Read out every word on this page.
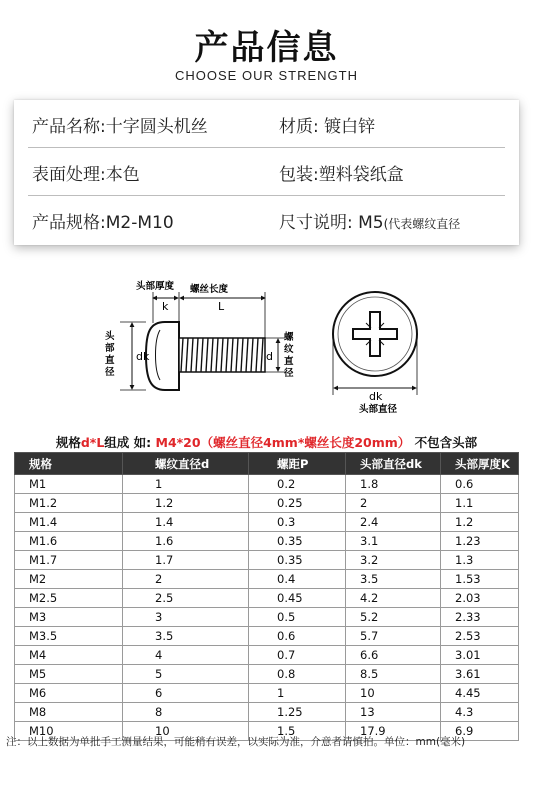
产品信息
CHOOSE OUR STRENGTH
产品名称:十字圆头机丝	材质: 镀白锌
表面处理:本色	包装:塑料袋纸盒
产品规格:M2-M10	尺寸说明: M5(代表螺纹直径
头部厚度 螺丝长度
k	L
头 部 直 径
dk	d
螺 纹 直 径
dk
头部直径
规格d*L组成 如: M4*20（螺丝直径4mm*螺丝长度20mm） 不包含头部
规格	螺纹直径d	螺距P	头部直径dk	头部厚度K
M1	1	0.2	1.8	0.6
M1.2	1.2	0.25	2	1.1
M1.4	1.4	0.3	2.4	1.2
M1.6	1.6	0.35	3.1	1.23
M1.7	1.7	0.35	3.2	1.3
M2	2	0.4	3.5	1.53
M2.5	2.5	0.45	4.2	2.03
M3	3	0.5	5.2	2.33
M3.5	3.5	0.6	5.7	2.53
M4	4	0.7	6.6	3.01
M5	5	0.8	8.5	3.61
M6	6	1	10	4.45
M8	8	1.25	13	4.3
M10	10	1.5	17.9	6.9
注：以上数据为单批手工测量结果，可能稍有误差，以实际为准，介意者请慎拍。单位：mm(毫米)
